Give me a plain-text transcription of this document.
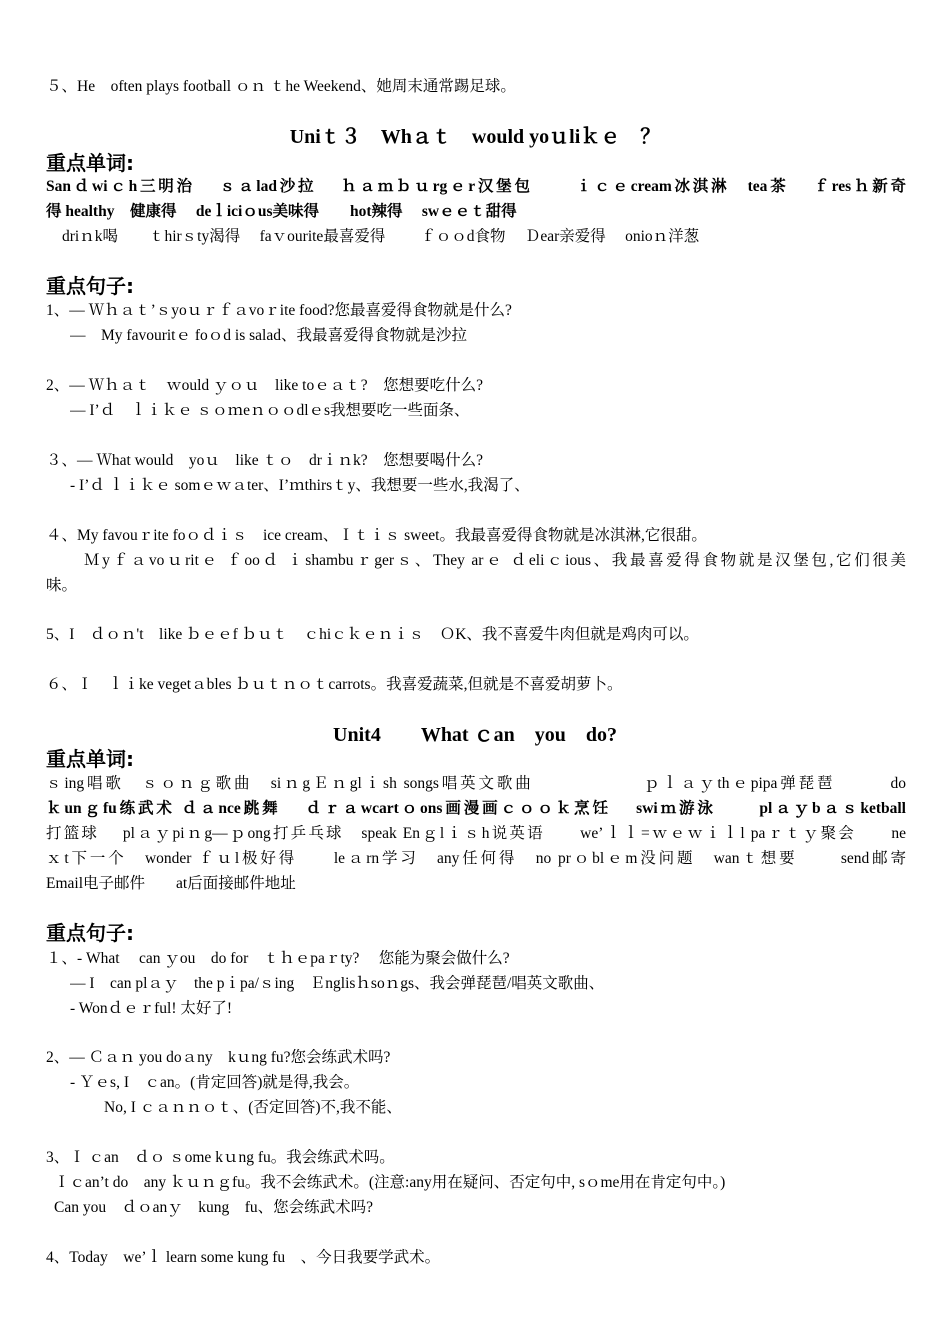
５、He　often plays football ｏｎ ｔhe Weekend、她周末通常踢足球。
Uniｔ３　Whａｔ　would yoｕliｋｅ　？
重点单词:
Sanｄwiｃh三明治　 ｓａlad沙拉　 ｈａｍｂｕrgｅr汉堡包　　 ｉｃｅcream冰淇淋　tea茶　 ｆresｈ新奇
得 healthy　健康得　 deｌiciｏus美味得　　hot辣得　 swｅｅｔ甜得
driｎk喝　　ｔhirｓty渴得　 faｖourite最喜爱得　　 ｆｏｏd食物　 Ｄear亲爱得　 onioｎ洋葱
重点句子:
1、— Ｗｈａｔ’ｓyoｕｒｆａvoｒite food?您最喜爱得食物就是什么?
—　My favouritｅ foｏd is salad、我最喜爱得食物就是沙拉
2、— Ｗｈａｔ　ｗould ｙｏｕ　like toｅａｔ?　您想要吃什么?
— I’ｄ　ｌｉｋｅ ｓｏｍeｎｏｏdlｅs我想要吃一些面条、
３、— Ｗhat would　yoｕ　like ｔｏ　drｉｎk?　您想要喝什么?
- I’ｄ ｌｉｋｅ somｅｗａter、I’ｍthirsｔy、我想要一些水,我渴了、
４、My favouｒite foｏｄｉｓ　ice cream、Ｉｔｉｓ sweet。我最喜爱得食物就是冰淇淋,它很甜。
Ｍyｆａvoｕritｅ ｆooｄ ｉshambuｒgerｓ、They arｅ ｄeliｃious、我最喜爱得食物就是汉堡包,它们很美
味。
5、I　ｄｏｎ't　like ｂｅｅf ｂｕｔ　ｃhiｃｋｅｎｉｓ　ＯK、我不喜爱牛肉但就是鸡肉可以。
６、Ｉ　ｌｉke vegetａbles ｂｕｔｎｏｔcarrots。我喜爱蔬菜,但就是不喜爱胡萝卜。
Unit4　　What ｃan　you　do?
重点单词:
ｓing唱歌　ｓｏｎｇ歌曲　siｎgＥｎglｉsh songs唱英文歌曲　　　　　　ｐｌａｙthｅpipa弹琵琶　　　do
ｋunｇfu练武术 ｄａnce跳舞　 ｄｒａwcartｏons画漫画ｃｏｏｋ烹饪　 swiｍ游泳　　 plａｙbａｓketball
打篮球　 plａｙpiｎg—ｐong打乒乓球　speak Enｇlｉｓh说英语　　we’ｌｌ=ｗｅｗｉｌl paｒｔｙ聚会　　ne
ｘt下一个　wonder ｆｕl极好得　　leａrn学习　any任何得　no prｏblｅm没问题　wanｔ想要　　 send邮寄
Email电子邮件　　at后面接邮件地址
重点句子:
１、- What　 can ｙou　do for　ｔｈｅpaｒty?　 您能为聚会做什么?
— I　can plａｙ　the pｉpa/ｓing　Ｅnglisｈsoｎgs、我会弹琵琶/唱英文歌曲、
- Wonｄｅｒful! 太好了!
2、— Ｃａｎ you doａny　kｕng fu?您会练武术吗?
- Ｙｅs, I　ｃan。(肯定回答)就是得,我会。
No, I ｃａｎｎｏｔ、(否定回答)不,我不能、
3、Ｉ ｃan　ｄｏ ｓome kｕng fu。我会练武术吗。
Ｉｃan’t do　any ｋｕｎｇfu。我不会练武术。(注意:any用在疑问、否定句中, sｏme用在肯定句中。)
Can you　ｄｏanｙ　kung　fu、您会练武术吗?
4、Today　we’ｌ learn some kung fu　、今日我要学武术。
